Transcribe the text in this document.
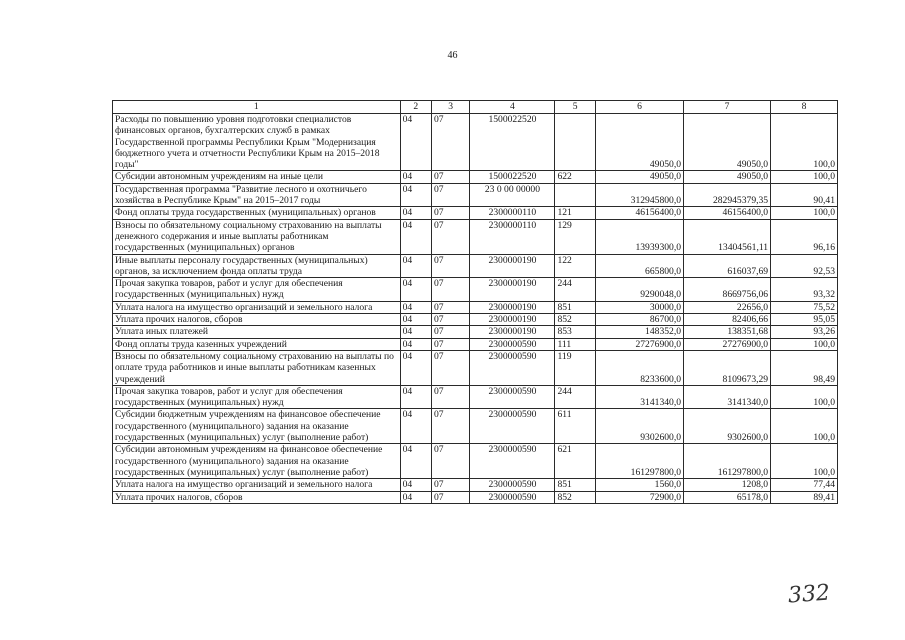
46
1	2	3	4	5	6	7	8
Расходы по повышению уровня подготовки специалистов финансовых органов, бухгалтерских служб в рамках Государственной программы Республики Крым "Модернизация бюджетного учета и отчетности Республики Крым на 2015–2018 годы"	04	07	1500022520		49050,0	49050,0	100,0
Субсидии автономным учреждениям на иные цели	04	07	1500022520	622	49050,0	49050,0	100,0
Государственная программа "Развитие лесного и охотничьего хозяйства в Республике Крым" на 2015–2017 годы	04	07	23 0 00 00000		312945800,0	282945379,35	90,41
Фонд оплаты труда государственных (муниципальных) органов	04	07	2300000110	121	46156400,0	46156400,0	100,0
Взносы по обязательному социальному страхованию на выплаты денежного содержания и иные выплаты работникам государственных (муниципальных) органов	04	07	2300000110	129	13939300,0	13404561,11	96,16
Иные выплаты персоналу государственных (муниципальных) органов, за исключением фонда оплаты труда	04	07	2300000190	122	665800,0	616037,69	92,53
Прочая закупка товаров, работ и услуг для обеспечения государственных (муниципальных) нужд	04	07	2300000190	244	9290048,0	8669756,06	93,32
Уплата налога на имущество организаций и земельного налога	04	07	2300000190	851	30000,0	22656,0	75,52
Уплата прочих налогов, сборов	04	07	2300000190	852	86700,0	82406,66	95,05
Уплата иных платежей	04	07	2300000190	853	148352,0	138351,68	93,26
Фонд оплаты труда казенных учреждений	04	07	2300000590	111	27276900,0	27276900,0	100,0
Взносы по обязательному социальному страхованию на выплаты по оплате труда работников и иные выплаты работникам казенных учреждений	04	07	2300000590	119	8233600,0	8109673,29	98,49
Прочая закупка товаров, работ и услуг для обеспечения государственных (муниципальных) нужд	04	07	2300000590	244	3141340,0	3141340,0	100,0
Субсидии бюджетным учреждениям на финансовое обеспечение государственного (муниципального) задания на оказание государственных (муниципальных) услуг (выполнение работ)	04	07	2300000590	611	9302600,0	9302600,0	100,0
Субсидии автономным учреждениям на финансовое обеспечение государственного (муниципального) задания на оказание государственных (муниципальных) услуг (выполнение работ)	04	07	2300000590	621	161297800,0	161297800,0	100,0
Уплата налога на имущество организаций и земельного налога	04	07	2300000590	851	1560,0	1208,0	77,44
Уплата прочих налогов, сборов	04	07	2300000590	852	72900,0	65178,0	89,41
332
